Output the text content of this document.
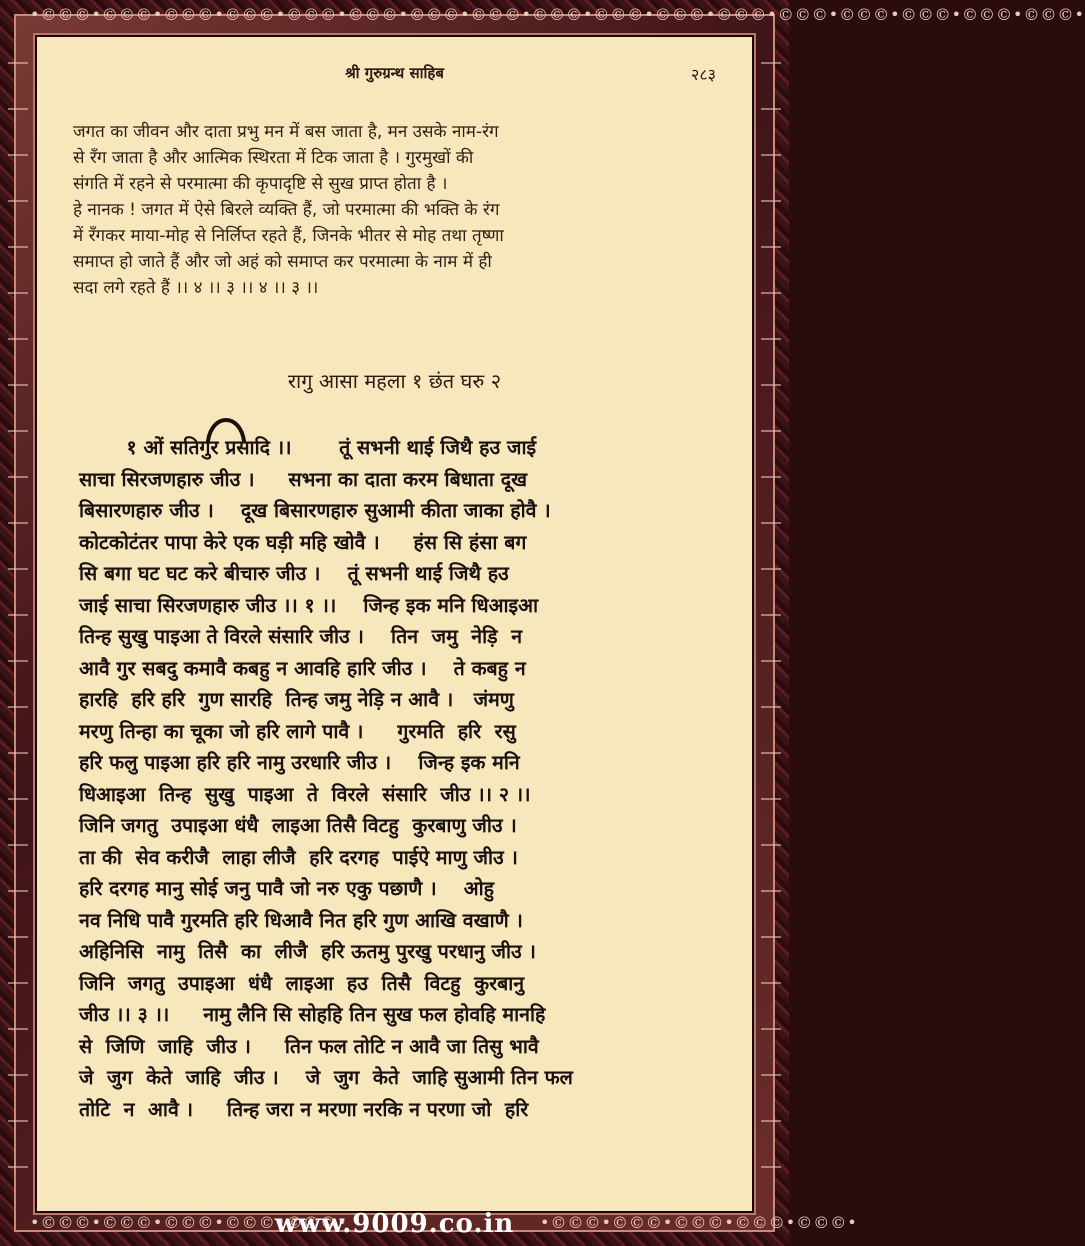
•©©©•©©©•©©©•©©©•©©©•©©©•©©©•©©©•©©©•©©©•©©©•©©©•©©©•©©©•©©©•©©©•©©©•
श्री गुरुग्रन्थ साहिब	२८३
जगत का जीवन और दाता प्रभु मन में बस जाता है, मन उसके नाम-रंग
से रँग जाता है और आत्मिक स्थिरता में टिक जाता है । गुरमुखों की
संगति में रहने से परमात्मा की कृपादृष्टि से सुख प्राप्त होता है ।
हे नानक ! जगत में ऐसे बिरले व्यक्ति हैं, जो परमात्मा की भक्ति के रंग
में रँगकर माया-मोह से निर्लिप्त रहते हैं, जिनके भीतर से मोह तथा तृष्णा
समाप्त हो जाते हैं और जो अहं को समाप्त कर परमात्मा के नाम में ही
सदा लगे रहते हैं ।। ४ ।। ३ ।। ४ ।। ३ ।।
रागु आसा महला १ छंत घरु २
१ ओं सतिगुर प्रसादि ।।       तूं सभनी थाई जिथै हउ जाई
साचा सिरजणहारु जीउ ।     सभना का दाता करम बिधाता दूख
बिसारणहारु जीउ ।    दूख बिसारणहारु सुआमी कीता जाका होवै ।
कोटकोटंतर पापा केरे एक घड़ी महि खोवै ।     हंस सि हंसा बग
सि बगा घट घट करे बीचारु जीउ ।    तूं सभनी थाई जिथै हउ
जाई साचा सिरजणहारु जीउ ।। १ ।।    जिन्ह इक मनि धिआइआ
तिन्ह सुखु पाइआ ते विरले संसारि जीउ ।    तिन  जमु  नेड़ि  न
आवै गुर सबदु कमावै कबहु न आवहि हारि जीउ ।    ते कबहु न
हारहि  हरि हरि  गुण सारहि  तिन्ह जमु नेड़ि न आवै ।   जंमणु
मरणु तिन्हा का चूका जो हरि लागे पावै ।     गुरमति  हरि  रसु
हरि फलु पाइआ हरि हरि नामु उरधारि जीउ ।    जिन्ह इक मनि
धिआइआ  तिन्ह  सुखु  पाइआ  ते  विरले  संसारि  जीउ ।। २ ।।
जिनि जगतु  उपाइआ धंधै  लाइआ तिसै विटहु  कुरबाणु जीउ ।
ता की  सेव करीजै  लाहा लीजै  हरि दरगह  पाईऐ माणु जीउ ।
हरि दरगह मानु सोई जनु पावै जो नरु एकु पछाणै ।    ओहु
नव निधि पावै गुरमति हरि धिआवै नित हरि गुण आखि वखाणै ।
अहिनिसि  नामु  तिसै  का  लीजै  हरि ऊतमु पुरखु परधानु जीउ ।
जिनि  जगतु  उपाइआ  धंधै  लाइआ  हउ  तिसै  विटहु  कुरबानु
जीउ ।। ३ ।।     नामु लैनि सि सोहहि तिन सुख फल होवहि मानहि
से  जिणि  जाहि  जीउ ।     तिन फल तोटि न आवै जा तिसु भावै
जे  जुग  केते  जाहि  जीउ ।    जे  जुग  केते  जाहि सुआमी तिन फल
तोटि  न  आवै ।     तिन्ह जरा न मरणा नरकि न परणा जो  हरि
•©©©•©©©•©©©•©©©•©©©•
www.9009.co.in	•©©©•©©©•©©©•©©©•©©©•
